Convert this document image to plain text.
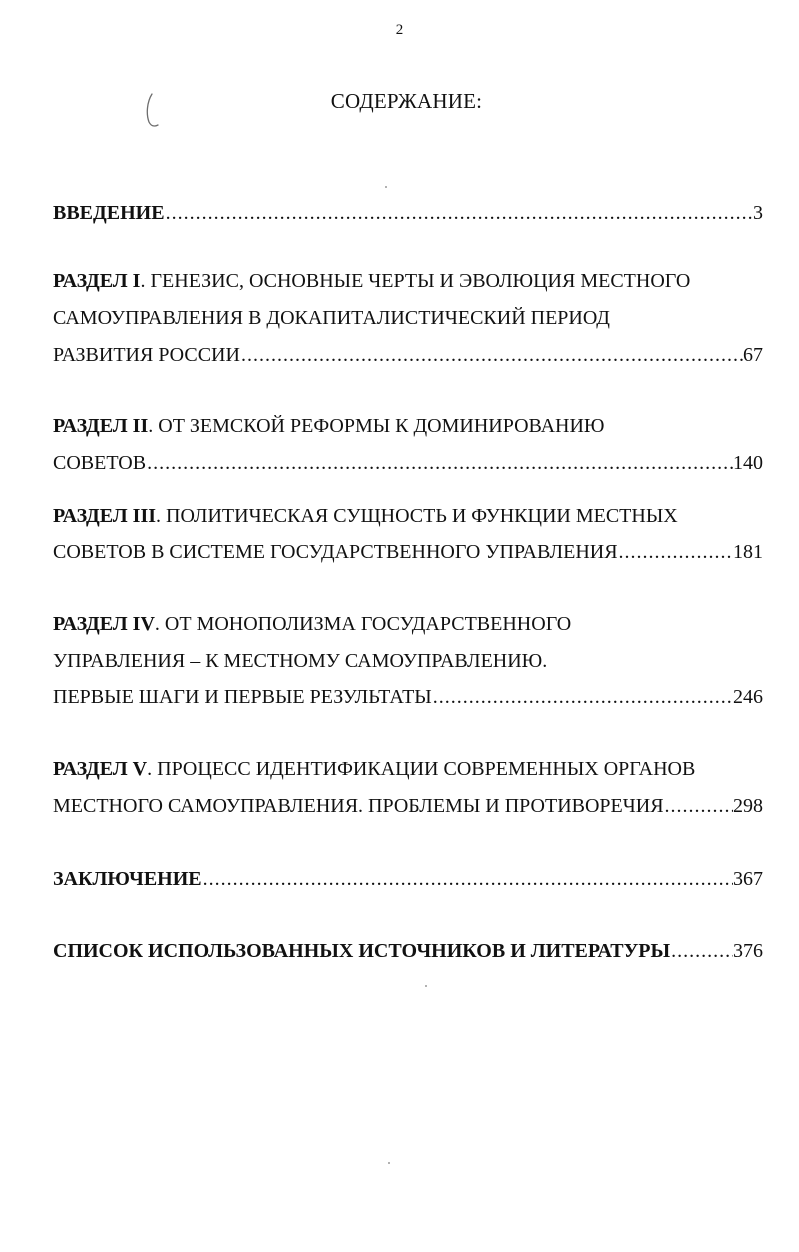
2
СОДЕРЖАНИЕ:
ВВЕДЕНИЕ .....	3
РАЗДЕЛ I. ГЕНЕЗИС, ОСНОВНЫЕ ЧЕРТЫ И ЭВОЛЮЦИЯ МЕСТНОГО
САМОУПРАВЛЕНИЯ В ДОКАПИТАЛИСТИЧЕСКИЙ ПЕРИОД
РАЗВИТИЯ РОССИИ .....	67
РАЗДЕЛ II. ОТ ЗЕМСКОЙ РЕФОРМЫ К ДОМИНИРОВАНИЮ
СОВЕТОВ .....	140
РАЗДЕЛ III. ПОЛИТИЧЕСКАЯ СУЩНОСТЬ И ФУНКЦИИ МЕСТНЫХ
СОВЕТОВ В СИСТЕМЕ ГОСУДАРСТВЕННОГО УПРАВЛЕНИЯ .....	181
РАЗДЕЛ IV. ОТ МОНОПОЛИЗМА ГОСУДАРСТВЕННОГО
УПРАВЛЕНИЯ – К МЕСТНОМУ САМОУПРАВЛЕНИЮ.
ПЕРВЫЕ ШАГИ И ПЕРВЫЕ РЕЗУЛЬТАТЫ .....	246
РАЗДЕЛ V. ПРОЦЕСС ИДЕНТИФИКАЦИИ СОВРЕМЕННЫХ ОРГАНОВ
МЕСТНОГО САМОУПРАВЛЕНИЯ. ПРОБЛЕМЫ И ПРОТИВОРЕЧИЯ .....	298
ЗАКЛЮЧЕНИЕ .....	367
СПИСОК ИСПОЛЬЗОВАННЫХ ИСТОЧНИКОВ И ЛИТЕРАТУРЫ .....	376
